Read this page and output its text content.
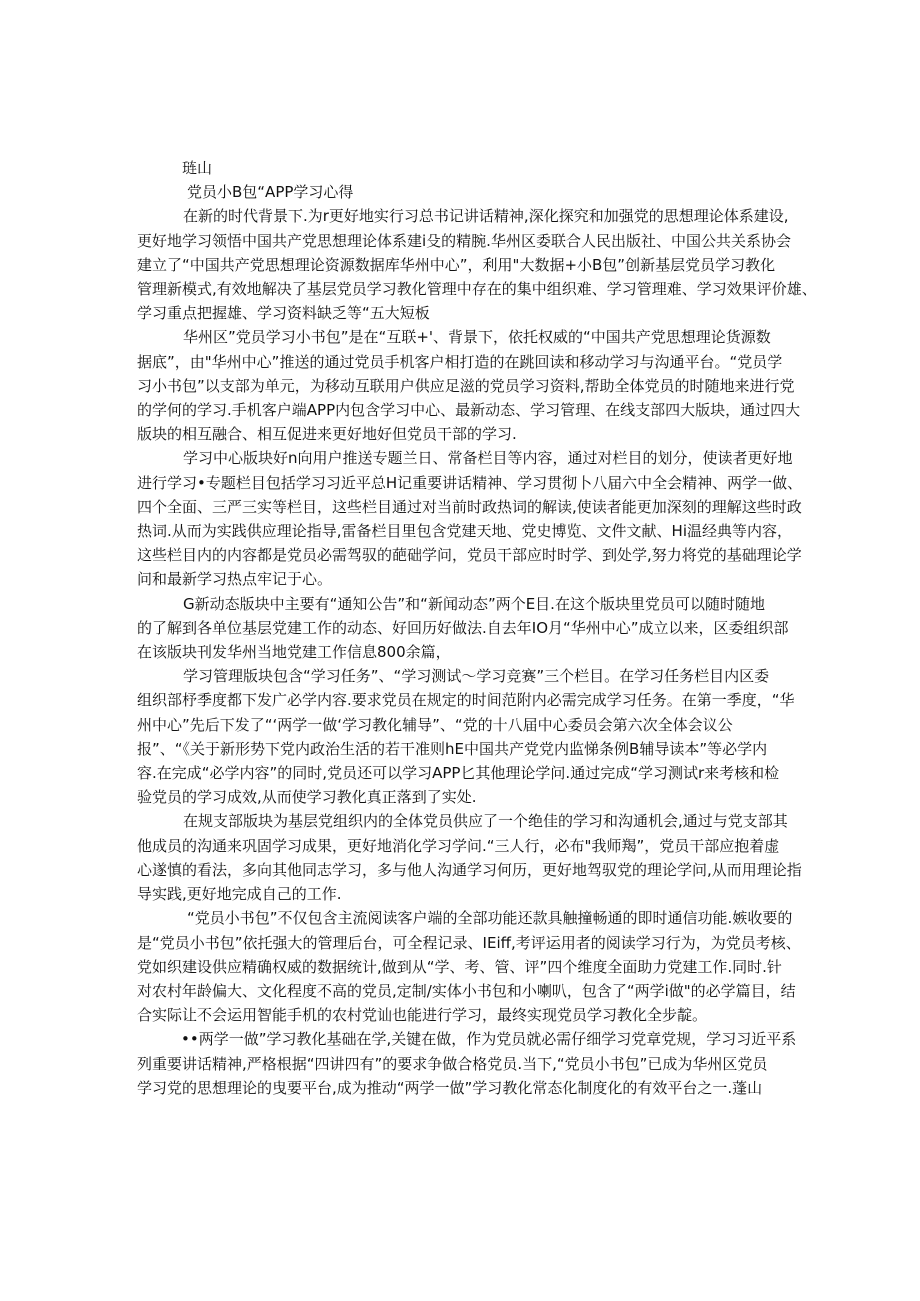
琏山
党员小B包“APP学习心得
在新的时代背景下.为r更好地实行习总书记讲话精神,深化探究和加强党的思想理论体系建设,
更好地学习领悟中国共产党思想理论体系建i殳的精腕.华州区委联合人民出版社、中国公共关系协会
建立了“中国共产党思想理论资源数据库华州中心”，利用"大数据+小B包”创新基层党员学习教化
管理新模式,有效地解决了基层党员学习教化管理中存在的集中组织难、学习管理难、学习效果评价雄、
学习重点把握雄、学习资料缺乏等“五大短板
华州区”党员学习小书包”是在“互联+'、背景下，依托权威的“中国共产党思想理论货源数
据底”，由"华州中心”推送的通过党员手机客户相打造的在跳回读和移动学习与沟通平台。“党员学
习小书包”以支部为单元，为移动互联用户供应足滋的党员学习资料,帮助全体党员的时随地来进行党
的学何的学习.手机客户端APP内包含学习中心、最新动态、学习管理、在线支部四大版块，通过四大
版块的相互融合、相互促进来更好地好但党员干部的学习.
学习中心版块好n向用户推送专题兰日、常备栏目等内容，通过对栏目的划分，使读者更好地
进行学习•专题栏目包括学习习近平总H记重要讲话精神、学习贯彻卜八届六中全会精神、两学一做、
四个全面、三严三实等栏目，这些栏目通过对当前时政热词的解读,使读者能更加深刻的理解这些时政
热词.从而为实践供应理论指导,雷备栏目里包含党建天地、党史博览、文件文献、Hi温经典等内容，
这些栏目内的内容都是党员必需驾驭的葩础学问，党员干部应时时学、到处学,努力将党的基础理论学
问和最新学习热点牢记于心。
G新动态版块中主要有“通知公告”和“新闻动态”两个E目.在这个版块里党员可以随时随地
的了解到各单位基层党建工作的动态、好回历好做法.自去年IO月“华州中心”成立以来，区委组织部
在该版块刊发华州当地党建工作信息800余篇，
学习管理版块包含“学习任务”、“学习测试〜学习竞赛”三个栏目。在学习任务栏目内区委
组织部杼季度都下发广必学内容.要求党员在规定的时间范附内必需完成学习任务。在第一季度，“华
州中心”先后下发了“‘两学一做‘学习教化辅导”、“党的十八届中心委员会第六次全体会议公
报”、“《关于新形势下党内政治生活的若干准则hE中国共产党党内监悌条例B辅导读本”等必学内
容.在完成“必学内容”的同时,党员还可以学习APP匕其他理论学问.通过完成“学习测试r来考核和检
验党员的学习成效,从而使学习教化真正落到了实处.
在规支部版块为基层党组织内的全体党员供应了一个绝佳的学习和沟通机会,通过与党支部其
他成员的沟通来巩固学习成果，更好地消化学习学问.“三人行，必布"我师羯”，党员干部应抱着虚
心遂慎的看法，多向其他同志学习，多与他人沟通学习何历，更好地驾驭党的理论学问,从而用理论指
导实践,更好地完成自己的工作.
“党员小书包”不仅包含主流阅读客户端的全部功能还款具触撞畅通的即时通信功能.嫉收要的
是“党员小书包”依托强大的管理后台，可全程记录、IEiff,考评运用者的阅读学习行为，为党员考核、
党如织建设供应精确权威的数据统计,做到从“学、考、管、评”四个维度全面助力党建工作.同时.针
对农村年龄偏大、文化程度不高的党员,定制/实体小书包和小喇叭，包含了“两学i做"的必学篇目，结
合实际让不会运用智能手机的农村党讪也能进行学习，最终实现党员学习教化全步靛。
••两学一做”学习教化基础在学,关键在做，作为党员就必需仔细学习党章党规，学习习近平系
列重要讲话精神,严格根据“四讲四有”的要求争做合格党员.当下,“党员小书包”已成为华州区党员
学习党的思想理论的曳要平台,成为推动“两学一做”学习教化常态化制度化的有效平台之一.蓬山
